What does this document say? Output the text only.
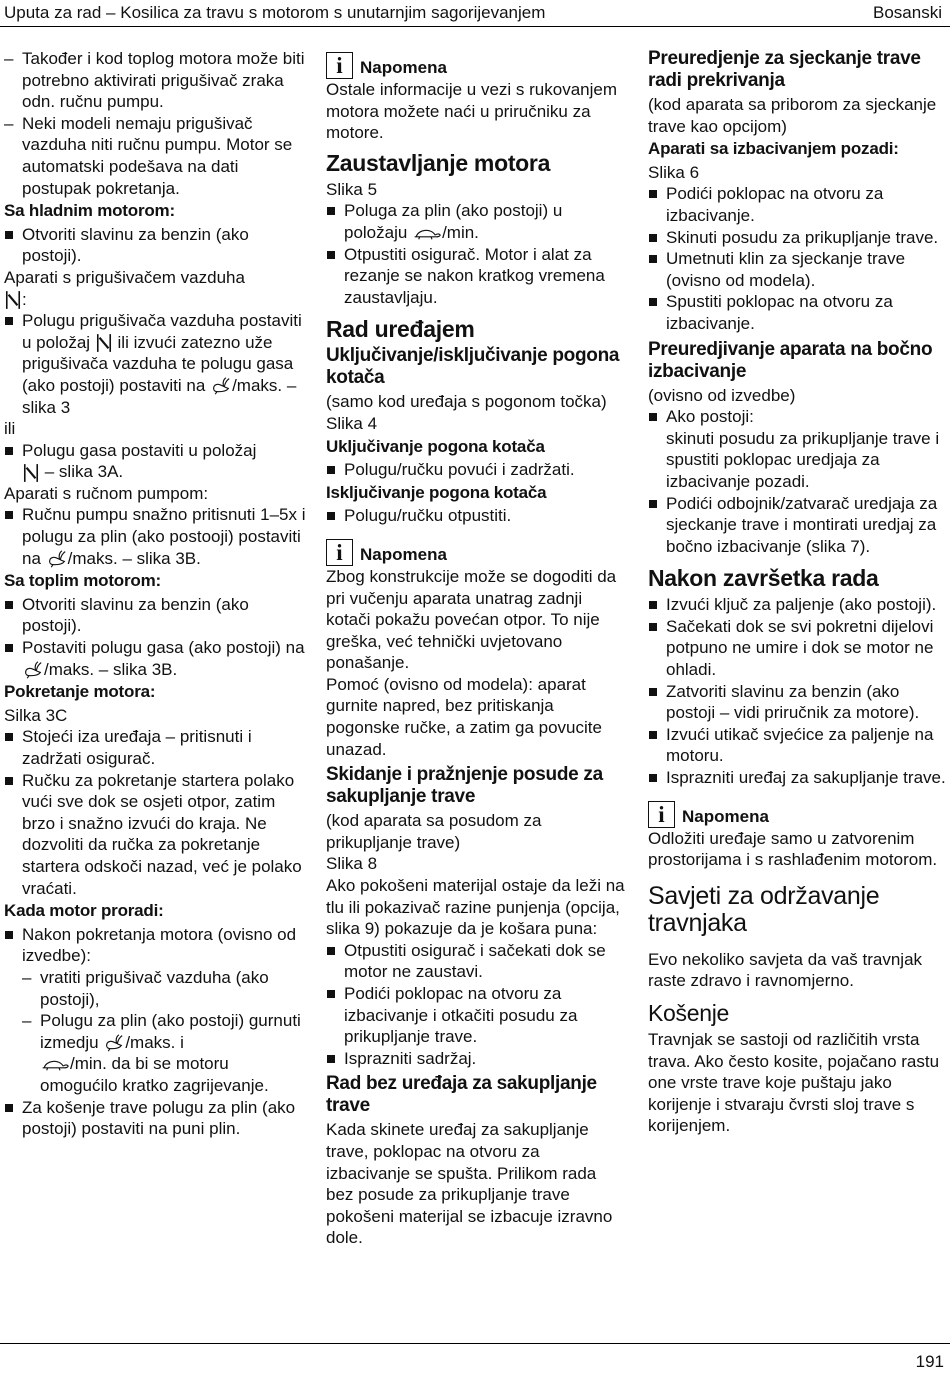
Uputa za rad – Kosilica za travu s motorom s unutarnjim sagorijevanjem	Bosanski

– Također i kod toplog motora može biti potrebno aktivirati prigušivač zraka odn. ručnu pumpu.

– Neki modeli nemaju prigušivač vazduha niti ručnu pumpu. Motor se automatski podešava na dati postupak pokretanja.

Sa hladnim motorom:

Otvoriti slavinu za benzin (ako postoji).

Aparati s prigušivačem vazduha
:

Polugu prigušivača vazduha postaviti u položaj ili izvući zatezno uže prigušivača vazduha te polugu gasa (ako postoji) postaviti na /maks. – slika 3

ili

Polugu gasa postaviti u položaj
– slika 3A.

Aparati s ručnom pumpom:

Ručnu pumpu snažno pritisnuti 1–5x i polugu za plin (ako postooji) postaviti na /maks. – slika 3B.

Sa toplim motorom:

Otvoriti slavinu za benzin (ako postoji).

Postaviti polugu gasa (ako postoji) na /maks. – slika 3B.

Pokretanje motora:

Silka 3C

Stojeći iza uređaja – pritisnuti i zadržati osigurač.

Ručku za pokretanje startera polako vući sve dok se osjeti otpor, zatim brzo i snažno izvući do kraja. Ne dozvoliti da ručka za pokretanje startera odskoči nazad, već je polako vraćati.

Kada motor proradi:

Nakon pokretanja motora (ovisno od izvedbe):

– vratiti prigušivač vazduha (ako postoji),

– Polugu za plin (ako postoji) gurnuti izmedju /maks. i
/min. da bi se motoru omogućilo kratko zagrijevanje.

Za košenje trave polugu za plin (ako postoji) postaviti na puni plin.

i	Napomena

Ostale informacije u vezi s rukovanjem motora možete naći u priručniku za motore.

Zaustavljanje motora

Slika 5

Poluga za plin (ako postoji) u položaju /min.

Otpustiti osigurač. Motor i alat za rezanje se nakon kratkog vremena zaustavljaju.

Rad uređajem
Uključivanje/isključivanje pogona kotača

(samo kod uređaja s pogonom točka)

Slika 4

Uključivanje pogona kotača

Polugu/ručku povući i zadržati.

Isključivanje pogona kotača

Polugu/ručku otpustiti.

i	Napomena

Zbog konstrukcije može se dogoditi da pri vučenju aparata unatrag zadnji kotači pokažu povećan otpor. To nije greška, već tehnički uvjetovano ponašanje.

Pomoć (ovisno od modela): aparat gurnite napred, bez pritiskanja pogonske ručke, a zatim ga povucite unazad.

Skidanje i pražnjenje posude za sakupljanje trave

(kod aparata sa posudom za prikupljanje trave)

Slika 8

Ako pokošeni materijal ostaje da leži na tlu ili pokazivač razine punjenja (opcija, slika 9) pokazuje da je košara puna:

Otpustiti osigurač i sačekati dok se motor ne zaustavi.

Podići poklopac na otvoru za izbacivanje i otkačiti posudu za prikupljanje trave.

Isprazniti sadržaj.

Rad bez uređaja za sakupljanje trave

Kada skinete uređaj za sakupljanje trave, poklopac na otvoru za izbacivanje se spušta. Prilikom rada bez posude za prikupljanje trave pokošeni materijal se izbacuje izravno dole.

Preuredjenje za sjeckanje trave radi prekrivanja

(kod aparata sa priborom za sjeckanje trave kao opcijom)

Aparati sa izbacivanjem pozadi:

Slika 6

Podići poklopac na otvoru za izbacivanje.

Skinuti posudu za prikupljanje trave.

Umetnuti klin za sjeckanje trave (ovisno od modela).

Spustiti poklopac na otvoru za izbacivanje.

Preuredjivanje aparata na bočno izbacivanje

(ovisno od izvedbe)

Ako postoji:
skinuti posudu za prikupljanje trave i spustiti poklopac uredjaja za izbacivanje pozadi.

Podići odbojnik/zatvarač uredjaja za sjeckanje trave i montirati uredjaj za bočno izbacivanje (slika 7).

Nakon završetka rada

Izvući ključ za paljenje (ako postoji).

Sačekati dok se svi pokretni dijelovi potpuno ne umire i dok se motor ne ohladi.

Zatvoriti slavinu za benzin (ako postoji – vidi priručnik za motore).

Izvući utikač svjećice za paljenje na motoru.

Isprazniti uređaj za sakupljanje trave.

i	Napomena

Odložiti uređaje samo u zatvorenim prostorijama i s rashlađenim motorom.

Savjeti za održavanje travnjaka

Evo nekoliko savjeta da vaš travnjak raste zdravo i ravnomjerno.

Košenje

Travnjak se sastoji od različitih vrsta trava. Ako često kosite, pojačano rastu one vrste trave koje puštaju jako korijenje i stvaraju čvrsti sloj trave s korijenjem.

191
